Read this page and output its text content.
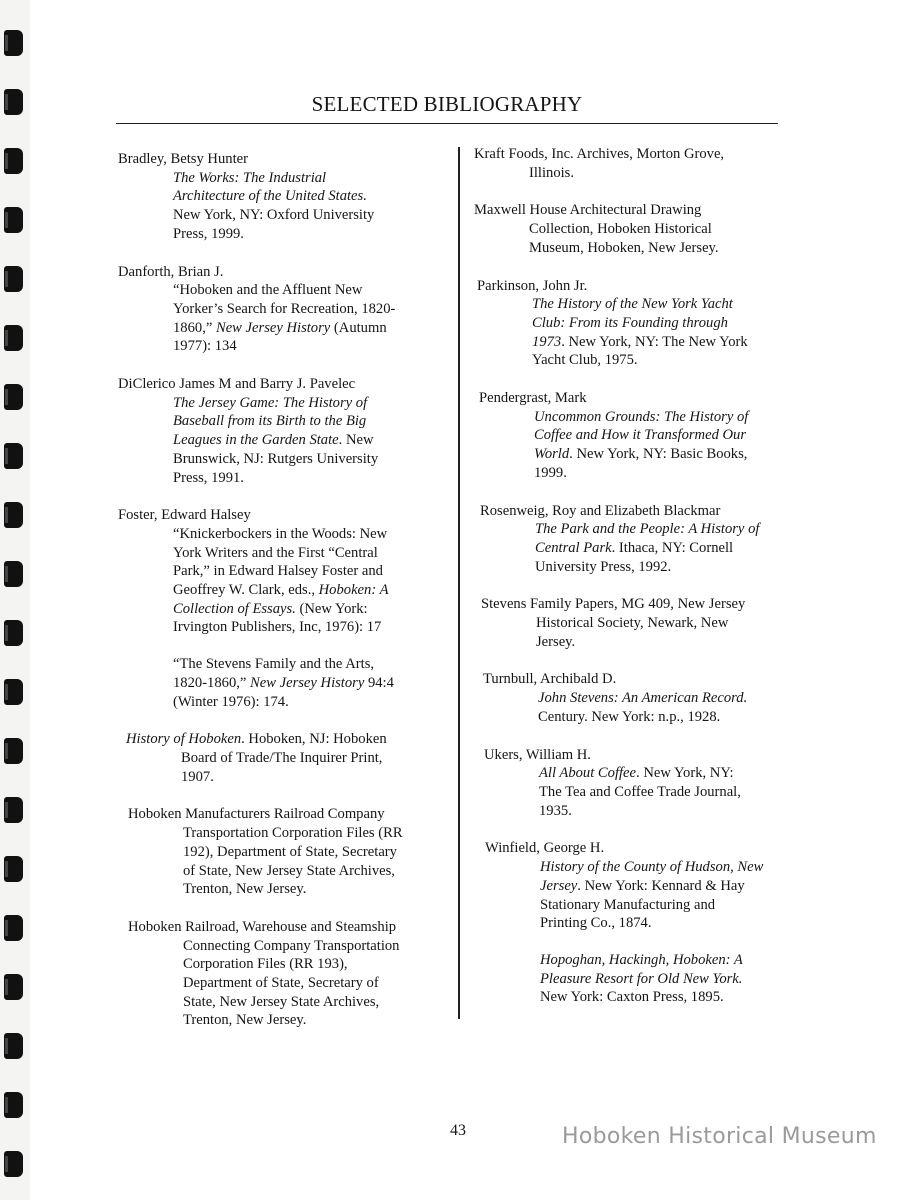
SELECTED BIBLIOGRAPHY
Bradley, Betsy Hunter
The Works: The Industrial
Architecture of the United States.
New York, NY: Oxford University
Press, 1999.
Danforth, Brian J.
“Hoboken and the Affluent New
Yorker’s Search for Recreation, 1820-
1860,” New Jersey History (Autumn
1977): 134
DiClerico James M and Barry J. Pavelec
The Jersey Game: The History of
Baseball from its Birth to the Big
Leagues in the Garden State. New
Brunswick, NJ: Rutgers University
Press, 1991.
Foster, Edward Halsey
“Knickerbockers in the Woods: New
York Writers and the First “Central
Park,” in Edward Halsey Foster and
Geoffrey W. Clark, eds., Hoboken: A
Collection of Essays. (New York:
Irvington Publishers, Inc, 1976): 17
“The Stevens Family and the Arts,
1820-1860,” New Jersey History 94:4
(Winter 1976): 174.
History of Hoboken. Hoboken, NJ: Hoboken
Board of Trade/The Inquirer Print,
1907.
Hoboken Manufacturers Railroad Company
Transportation Corporation Files (RR
192), Department of State, Secretary
of State, New Jersey State Archives,
Trenton, New Jersey.
Hoboken Railroad, Warehouse and Steamship
Connecting Company Transportation
Corporation Files (RR 193),
Department of State, Secretary of
State, New Jersey State Archives,
Trenton, New Jersey.
Kraft Foods, Inc. Archives, Morton Grove,
Illinois.
Maxwell House Architectural Drawing
Collection, Hoboken Historical
Museum, Hoboken, New Jersey.
Parkinson, John Jr.
The History of the New York Yacht
Club: From its Founding through
1973. New York, NY: The New York
Yacht Club, 1975.
Pendergrast, Mark
Uncommon Grounds: The History of
Coffee and How it Transformed Our
World. New York, NY: Basic Books,
1999.
Rosenweig, Roy and Elizabeth Blackmar
The Park and the People: A History of
Central Park. Ithaca, NY: Cornell
University Press, 1992.
Stevens Family Papers, MG 409, New Jersey
Historical Society, Newark, New
Jersey.
Turnbull, Archibald D.
John Stevens: An American Record.
Century. New York: n.p., 1928.
Ukers, William H.
All About Coffee. New York, NY:
The Tea and Coffee Trade Journal,
1935.
Winfield, George H.
History of the County of Hudson, New
Jersey. New York: Kennard & Hay
Stationary Manufacturing and
Printing Co., 1874.
Hopoghan, Hackingh, Hoboken: A
Pleasure Resort for Old New York.
New York: Caxton Press, 1895.
43	Hoboken Historical Museum
